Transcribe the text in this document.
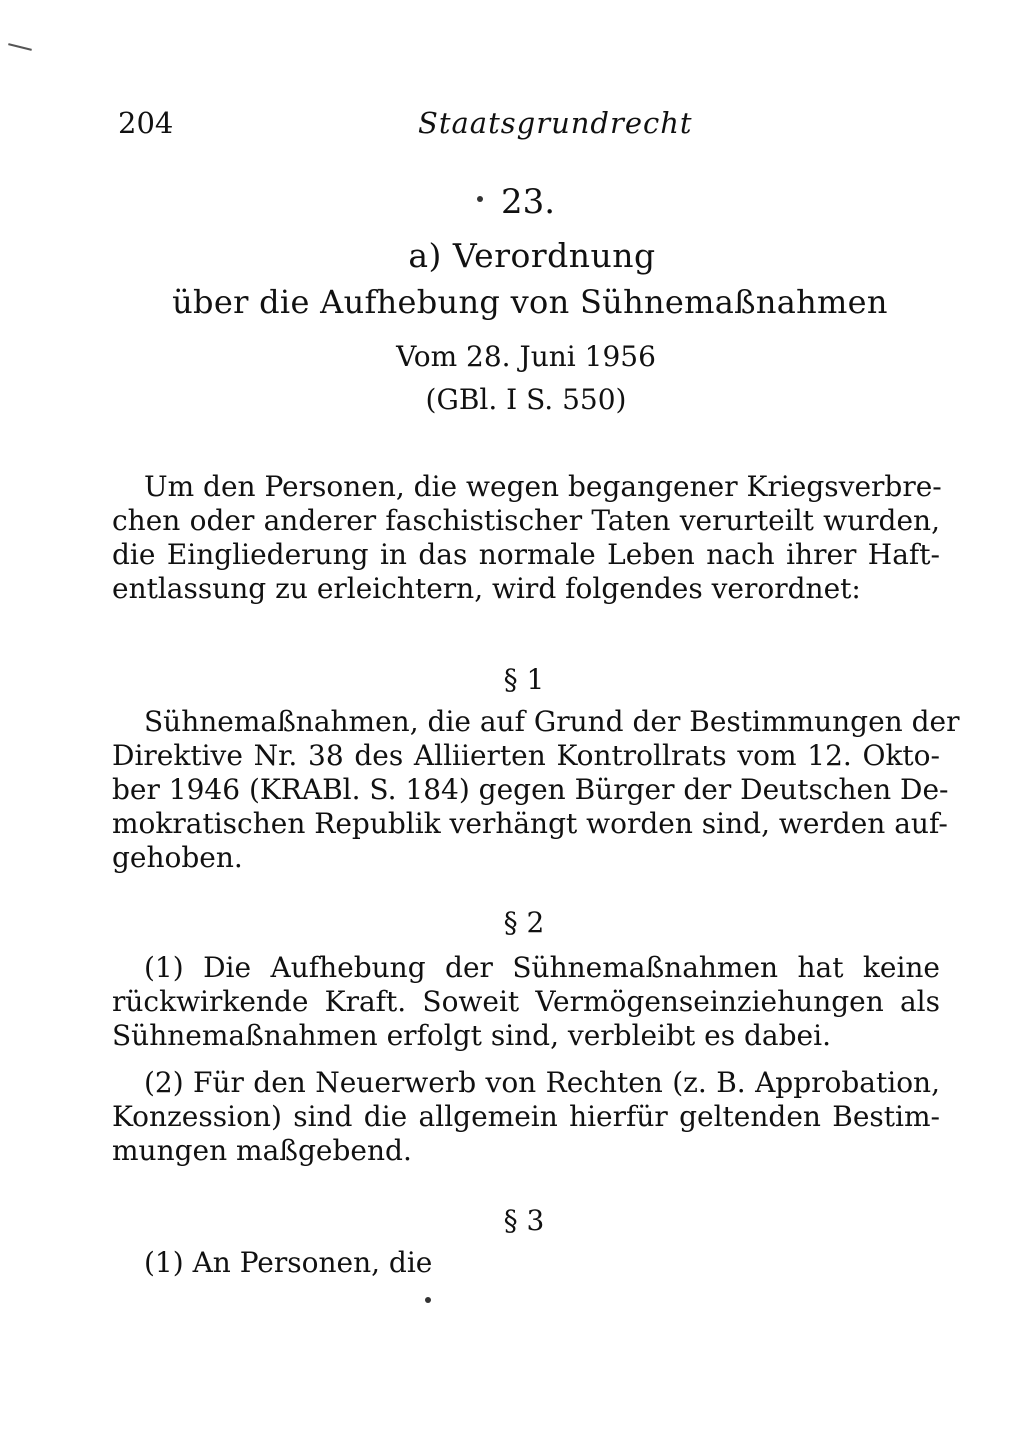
204	Staatsgrundrecht
23.
a) Verordnung
über die Aufhebung von Sühnemaßnahmen
Vom 28. Juni 1956
(GBl. I S. 550)
Um den Personen, die wegen begangener Kriegsverbre-
chen oder anderer faschistischer Taten verurteilt wurden,
die Eingliederung in das normale Leben nach ihrer Haft-
entlassung zu erleichtern, wird folgendes verordnet:
§ 1
Sühnemaßnahmen, die auf Grund der Bestimmungen der
Direktive Nr. 38 des Alliierten Kontrollrats vom 12. Okto-
ber 1946 (KRABl. S. 184) gegen Bürger der Deutschen De-
mokratischen Republik verhängt worden sind, werden auf-
gehoben.
§ 2
(1) Die Aufhebung der Sühnemaßnahmen hat keine
rückwirkende Kraft. Soweit Vermögenseinziehungen als
Sühnemaßnahmen erfolgt sind, verbleibt es dabei.
(2) Für den Neuerwerb von Rechten (z. B. Approbation,
Konzession) sind die allgemein hierfür geltenden Bestim-
mungen maßgebend.
§ 3
(1) An Personen, die
